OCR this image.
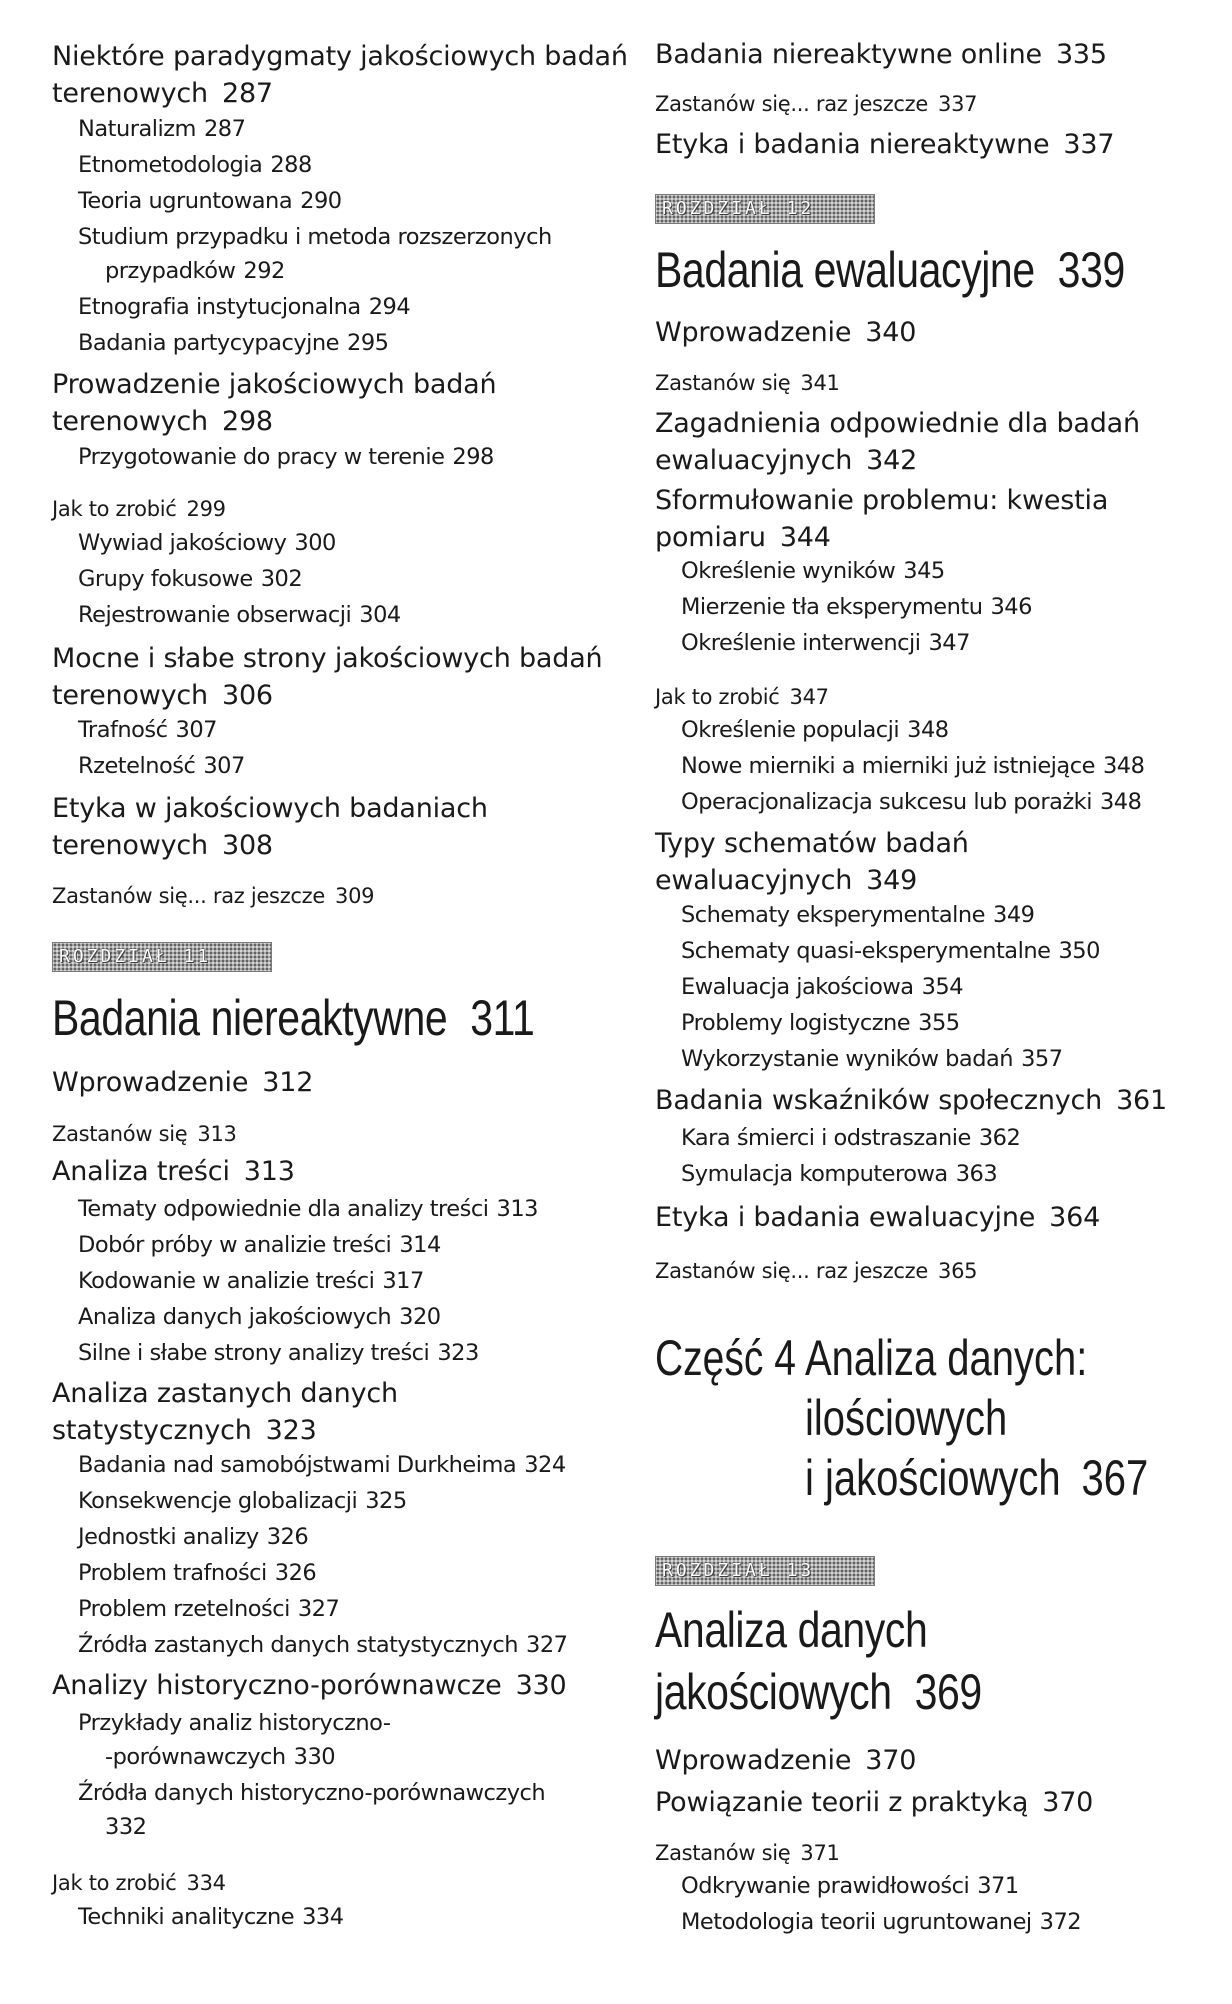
Niektóre paradygmaty jakościowych badań
terenowych 287
Naturalizm 287
Etnometodologia 288
Teoria ugruntowana 290
Studium przypadku i metoda rozszerzonych
przypadków 292
Etnografia instytucjonalna 294
Badania partycypacyjne 295
Prowadzenie jakościowych badań
terenowych 298
Przygotowanie do pracy w terenie 298
Jak to zrobić 299
Wywiad jakościowy 300
Grupy fokusowe 302
Rejestrowanie obserwacji 304
Mocne i słabe strony jakościowych badań
terenowych 306
Trafność 307
Rzetelność 307
Etyka w jakościowych badaniach
terenowych 308
Zastanów się... raz jeszcze 309
ROZDZIAŁ 11
Badania niereaktywne 311
Wprowadzenie 312
Zastanów się 313
Analiza treści 313
Tematy odpowiednie dla analizy treści 313
Dobór próby w analizie treści 314
Kodowanie w analizie treści 317
Analiza danych jakościowych 320
Silne i słabe strony analizy treści 323
Analiza zastanych danych
statystycznych 323
Badania nad samobójstwami Durkheima 324
Konsekwencje globalizacji 325
Jednostki analizy 326
Problem trafności 326
Problem rzetelności 327
Źródła zastanych danych statystycznych 327
Analizy historyczno-porównawcze 330
Przykłady analiz historyczno-
-porównawczych 330
Źródła danych historyczno-porównawczych
332
Jak to zrobić 334
Techniki analityczne 334
Badania niereaktywne online 335
Zastanów się... raz jeszcze 337
Etyka i badania niereaktywne 337
ROZDZIAŁ 12
Badania ewaluacyjne 339
Wprowadzenie 340
Zastanów się 341
Zagadnienia odpowiednie dla badań
ewaluacyjnych 342
Sformułowanie problemu: kwestia
pomiaru 344
Określenie wyników 345
Mierzenie tła eksperymentu 346
Określenie interwencji 347
Jak to zrobić 347
Określenie populacji 348
Nowe mierniki a mierniki już istniejące 348
Operacjonalizacja sukcesu lub porażki 348
Typy schematów badań
ewaluacyjnych 349
Schematy eksperymentalne 349
Schematy quasi-eksperymentalne 350
Ewaluacja jakościowa 354
Problemy logistyczne 355
Wykorzystanie wyników badań 357
Badania wskaźników społecznych 361
Kara śmierci i odstraszanie 362
Symulacja komputerowa 363
Etyka i badania ewaluacyjne 364
Zastanów się... raz jeszcze 365
Część 4 Analiza danych:
ilościowych
i jakościowych 367
ROZDZIAŁ 13
Analiza danych
jakościowych 369
Wprowadzenie 370
Powiązanie teorii z praktyką 370
Zastanów się 371
Odkrywanie prawidłowości 371
Metodologia teorii ugruntowanej 372
